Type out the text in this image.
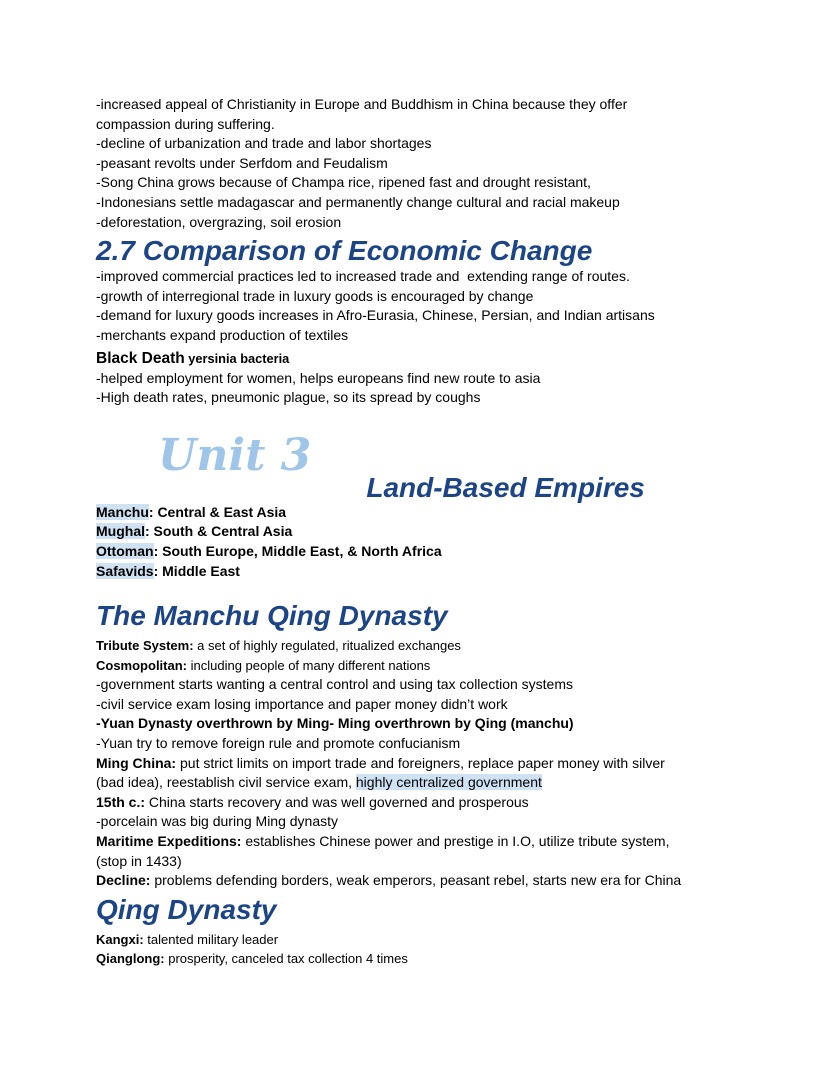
-increased appeal of Christianity in Europe and Buddhism in China because they offer
compassion during suffering.
-decline of urbanization and trade and labor shortages
-peasant revolts under Serfdom and Feudalism
-Song China grows because of Champa rice, ripened fast and drought resistant,
-Indonesians settle madagascar and permanently change cultural and racial makeup
-deforestation, overgrazing, soil erosion
2.7 Comparison of Economic Change
-improved commercial practices led to increased trade and  extending range of routes.
-growth of interregional trade in luxury goods is encouraged by change
-demand for luxury goods increases in Afro-Eurasia, Chinese, Persian, and Indian artisans
-merchants expand production of textiles
Black Death yersinia bacteria
-helped employment for women, helps europeans find new route to asia
-High death rates, pneumonic plague, so its spread by coughs
Unit 3
Land-Based Empires
Manchu: Central & East Asia
Mughal: South & Central Asia
Ottoman: South Europe, Middle East, & North Africa
Safavids: Middle East
The Manchu Qing Dynasty
Tribute System: a set of highly regulated, ritualized exchanges
Cosmopolitan: including people of many different nations
-government starts wanting a central control and using tax collection systems
-civil service exam losing importance and paper money didn’t work
-Yuan Dynasty overthrown by Ming- Ming overthrown by Qing (manchu)
-Yuan try to remove foreign rule and promote confucianism
Ming China: put strict limits on import trade and foreigners, replace paper money with silver
(bad idea), reestablish civil service exam, highly centralized government
15th c.: China starts recovery and was well governed and prosperous
-porcelain was big during Ming dynasty
Maritime Expeditions: establishes Chinese power and prestige in I.O, utilize tribute system,
(stop in 1433)
Decline: problems defending borders, weak emperors, peasant rebel, starts new era for China
Qing Dynasty
Kangxi: talented military leader
Qianglong: prosperity, canceled tax collection 4 times
